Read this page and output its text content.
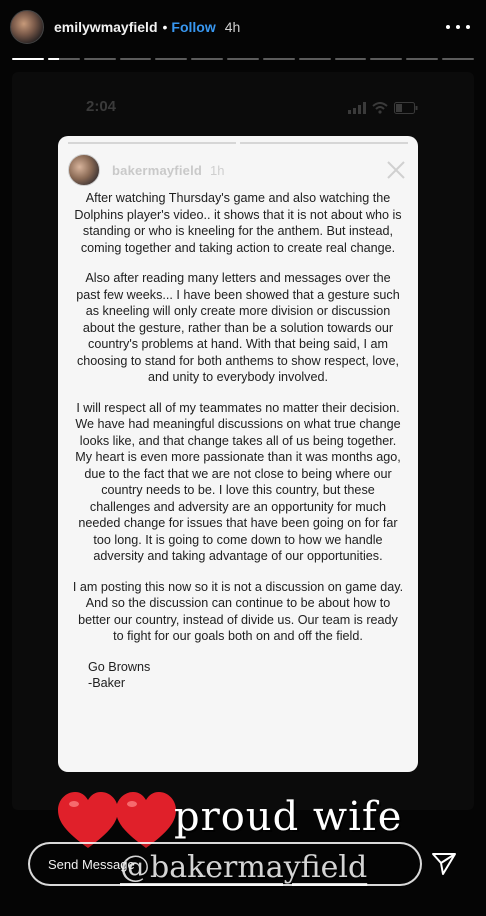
emilywmayfield • Follow 4h
2:04
bakermayfield 1h

After watching Thursday's game and also watching the Dolphins player's video.. it shows that it is not about who is standing or who is kneeling for the anthem. But instead, coming together and taking action to create real change.

Also after reading many letters and messages over the past few weeks... I have been showed that a gesture such as kneeling will only create more division or discussion about the gesture, rather than be a solution towards our country's problems at hand. With that being said, I am choosing to stand for both anthems to show respect, love, and unity to everybody involved.

I will respect all of my teammates no matter their decision. We have had meaningful discussions on what true change looks like, and that change takes all of us being together. My heart is even more passionate than it was months ago, due to the fact that we are not close to being where our country needs to be. I love this country, but these challenges and adversity are an opportunity for much needed change for issues that have been going on for far too long. It is going to come down to how we handle adversity and taking advantage of our opportunities.

I am posting this now so it is not a discussion on game day. And so the discussion can continue to be about how to better our country, instead of divide us. Our team is ready to fight for our goals both on and off the field.

Go Browns
-Baker
proud wife
@bakermayfield
Send Message
